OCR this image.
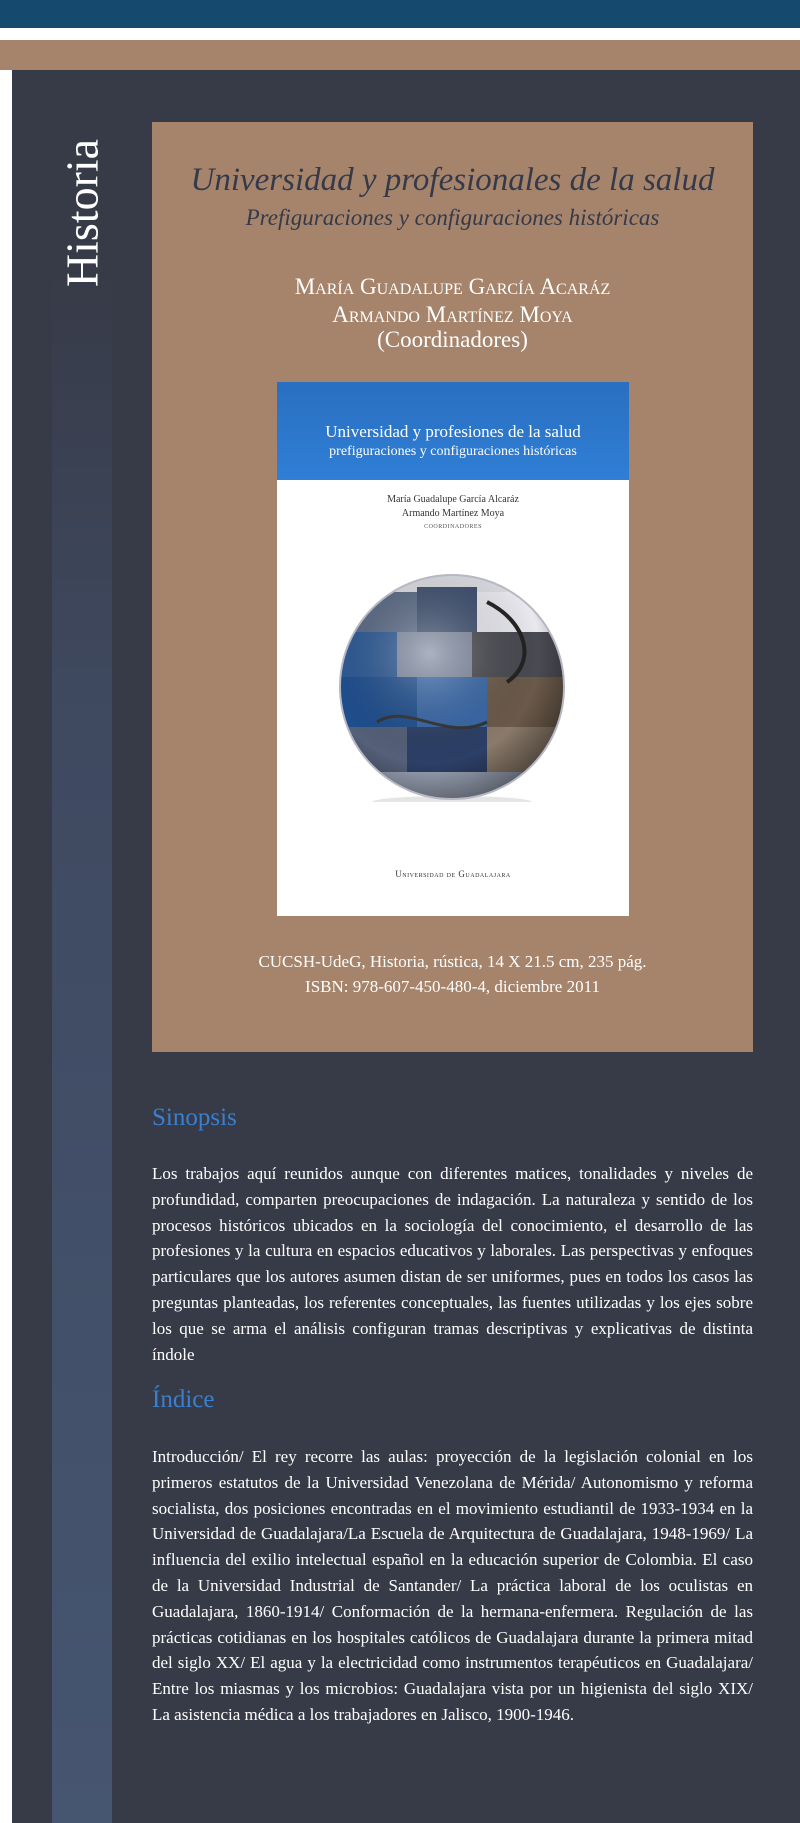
Historia	Universidad y profesionales de la salud
Prefiguraciones y configuraciones históricas
María Guadalupe García Acaráz
Armando Martínez Moya
(Coordinadores)
Universidad y profesiones de la salud
prefiguraciones y configuraciones históricas
María Guadalupe García Alcaráz
Armando Martínez Moya
COORDINADORES
Universidad de Guadalajara
CUCSH-UdeG, Historia, rústica, 14 X 21.5 cm, 235 pág.
ISBN: 978-607-450-480-4, diciembre 2011
Sinopsis
Los trabajos aquí reunidos aunque con diferentes matices, tonalidades y niveles de profundidad, comparten preocupaciones de indagación. La naturaleza y sentido de los procesos históricos ubicados en la sociología del conocimiento, el desarrollo de las profesiones y la cultura en espacios educativos y laborales. Las perspectivas y enfoques particulares que los autores asumen distan de ser uniformes, pues en todos los casos las preguntas planteadas, los referentes conceptuales, las fuentes utilizadas y los ejes sobre los que se arma el análisis configuran tramas descriptivas y explicativas de distinta índole
Índice
Introducción/ El rey recorre las aulas: proyección de la legislación colonial en los primeros estatutos de la Universidad Venezolana de Mérida/ Autonomismo y reforma socialista, dos posiciones encontradas en el movimiento estudiantil de 1933-1934 en la Universidad de Guadalajara/La Escuela de Arquitectura de Guadalajara, 1948-1969/ La influencia del exilio intelectual español en la educación superior de Colombia. El caso de la Universidad Industrial de Santander/ La práctica laboral de los oculistas en Guadalajara, 1860-1914/ Conformación de la hermana-enfermera. Regulación de las prácticas cotidianas en los hospitales católicos de Guadalajara durante la primera mitad del siglo XX/ El agua y la electricidad como instrumentos terapéuticos en Guadalajara/ Entre los miasmas y los microbios: Guadalajara vista por un higienista del siglo XIX/ La asistencia médica a los trabajadores en Jalisco, 1900-1946.
